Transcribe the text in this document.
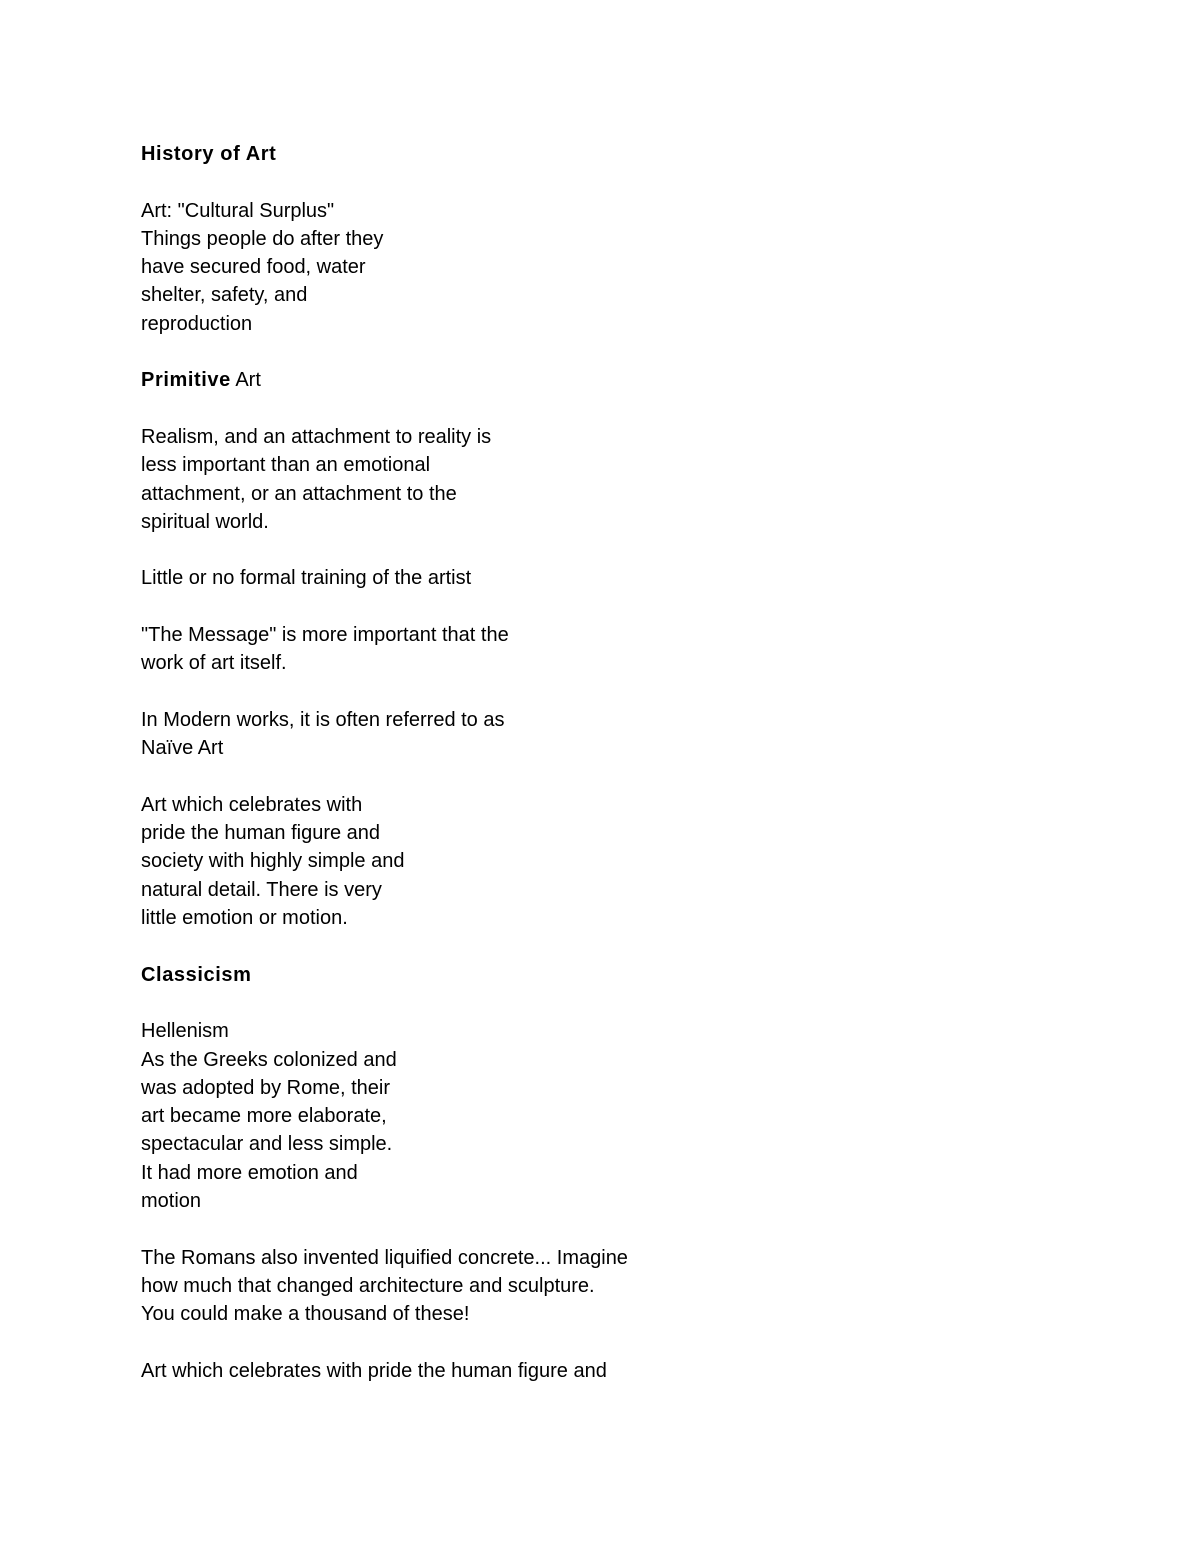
History of Art

Art: "Cultural Surplus"
Things people do after they
have secured food, water
shelter, safety, and
reproduction

Primitive Art

Realism, and an attachment to reality is
less important than an emotional
attachment, or an attachment to the
spiritual world.

Little or no formal training of the artist

"The Message" is more important that the
work of art itself.

In Modern works, it is often referred to as
Naïve Art

Art which celebrates with
pride the human figure and
society with highly simple and
natural detail. There is very
little emotion or motion.

Classicism

Hellenism
As the Greeks colonized and
was adopted by Rome, their
art became more elaborate,
spectacular and less simple.
It had more emotion and
motion

The Romans also invented liquified concrete... Imagine
how much that changed architecture and sculpture.
You could make a thousand of these!

Art which celebrates with pride the human figure and
